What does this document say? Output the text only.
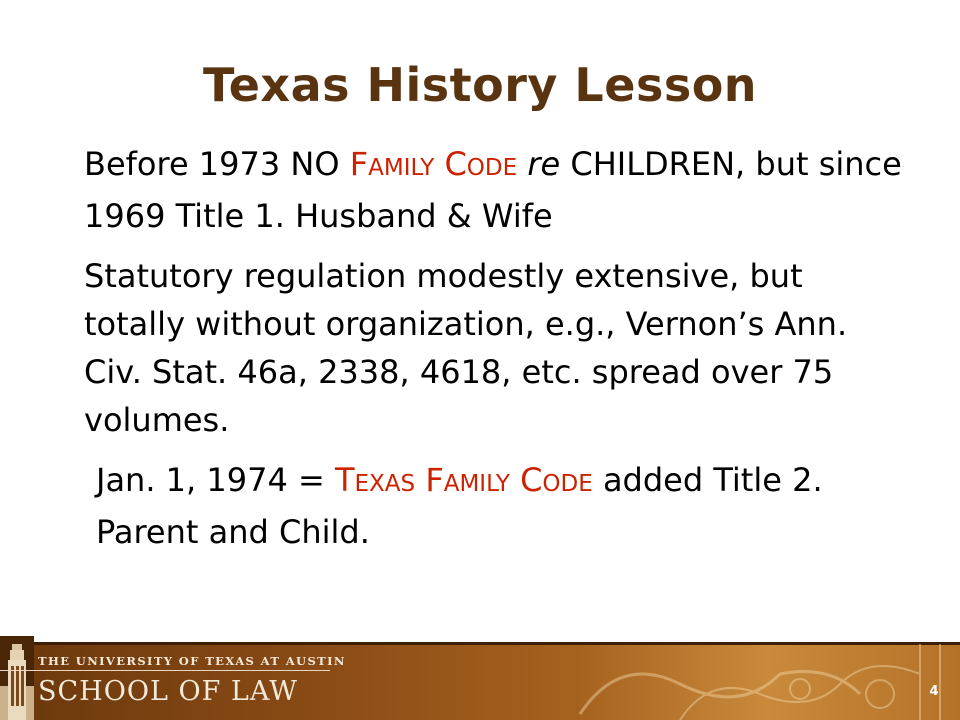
Texas History Lesson

Before 1973 NO FAMILY CODE re CHILDREN, but since 1969 Title 1. Husband & Wife

Statutory regulation modestly extensive, but totally without organization, e.g., Vernon’s Ann. Civ. Stat. 46a, 2338, 4618, etc. spread over 75 volumes.

Jan. 1, 1974 = TEXAS FAMILY CODE added Title 2. Parent and Child.

THE UNIVERSITY OF TEXAS AT AUSTIN
SCHOOL OF LAW	4
